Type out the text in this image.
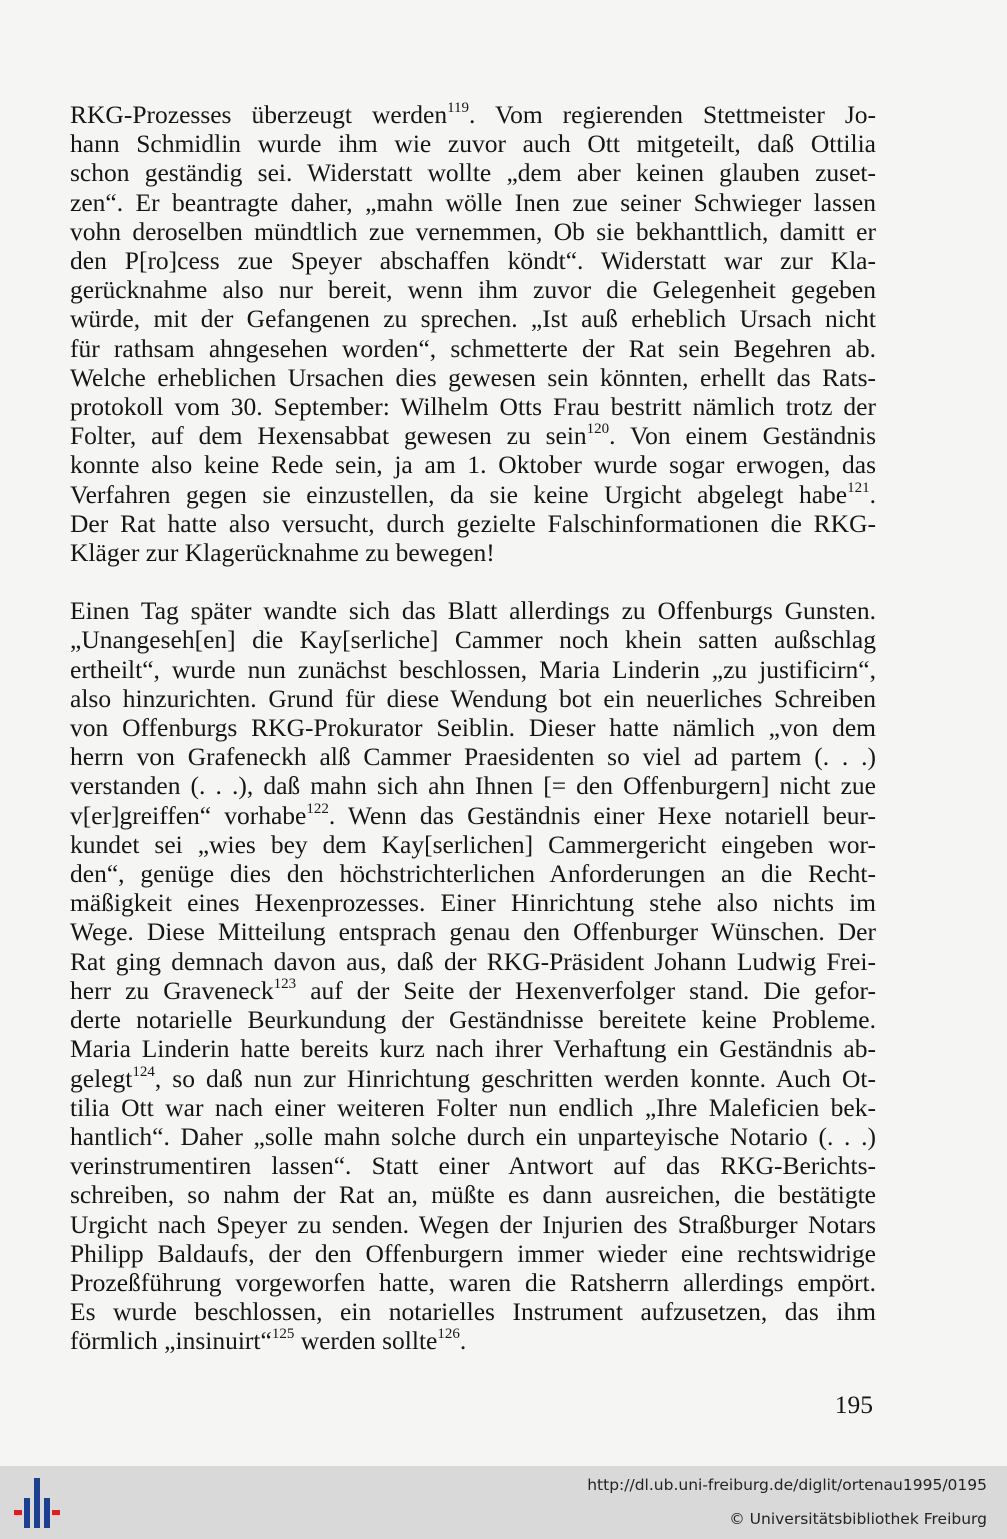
RKG-Prozesses überzeugt werden$^{119}$. Vom regierenden Stettmeister Jo-
hann Schmidlin wurde ihm wie zuvor auch Ott mitgeteilt, daß Ottilia
schon geständig sei. Widerstatt wollte „dem aber keinen glauben zuset-
zen“. Er beantragte daher, „mahn wölle Inen zue seiner Schwieger lassen
vohn deroselben mündtlich zue vernemmen, Ob sie bekhanttlich, damitt er
den P[ro]cess zue Speyer abschaffen köndt“. Widerstatt war zur Kla-
gerücknahme also nur bereit, wenn ihm zuvor die Gelegenheit gegeben
würde, mit der Gefangenen zu sprechen. „Ist auß erheblich Ursach nicht
für rathsam ahngesehen worden“, schmetterte der Rat sein Begehren ab.
Welche erheblichen Ursachen dies gewesen sein könnten, erhellt das Rats-
protokoll vom 30. September: Wilhelm Otts Frau bestritt nämlich trotz der
Folter, auf dem Hexensabbat gewesen zu sein$^{120}$. Von einem Geständnis
konnte also keine Rede sein, ja am 1. Oktober wurde sogar erwogen, das
Verfahren gegen sie einzustellen, da sie keine Urgicht abgelegt habe$^{121}$.
Der Rat hatte also versucht, durch gezielte Falschinformationen die RKG-
Kläger zur Klagerücknahme zu bewegen!
Einen Tag später wandte sich das Blatt allerdings zu Offenburgs Gunsten.
„Unangeseh[en] die Kay[serliche] Cammer noch khein satten außschlag
ertheilt“, wurde nun zunächst beschlossen, Maria Linderin „zu justificirn“,
also hinzurichten. Grund für diese Wendung bot ein neuerliches Schreiben
von Offenburgs RKG-Prokurator Seiblin. Dieser hatte nämlich „von dem
herrn von Grafeneckh alß Cammer Praesidenten so viel ad partem (. . .)
verstanden (. . .), daß mahn sich ahn Ihnen [= den Offenburgern] nicht zue
v[er]greiffen“ vorhabe$^{122}$. Wenn das Geständnis einer Hexe notariell beur-
kundet sei „wies bey dem Kay[serlichen] Cammergericht eingeben wor-
den“, genüge dies den höchstrichterlichen Anforderungen an die Recht-
mäßigkeit eines Hexenprozesses. Einer Hinrichtung stehe also nichts im
Wege. Diese Mitteilung entsprach genau den Offenburger Wünschen. Der
Rat ging demnach davon aus, daß der RKG-Präsident Johann Ludwig Frei-
herr zu Graveneck$^{123}$ auf der Seite der Hexenverfolger stand. Die gefor-
derte notarielle Beurkundung der Geständnisse bereitete keine Probleme.
Maria Linderin hatte bereits kurz nach ihrer Verhaftung ein Geständnis ab-
gelegt$^{124}$, so daß nun zur Hinrichtung geschritten werden konnte. Auch Ot-
tilia Ott war nach einer weiteren Folter nun endlich „Ihre Maleficien bek-
hantlich“. Daher „solle mahn solche durch ein unparteyische Notario (. . .)
verinstrumentiren lassen“. Statt einer Antwort auf das RKG-Berichts-
schreiben, so nahm der Rat an, müßte es dann ausreichen, die bestätigte
Urgicht nach Speyer zu senden. Wegen der Injurien des Straßburger Notars
Philipp Baldaufs, der den Offenburgern immer wieder eine rechtswidrige
Prozeßführung vorgeworfen hatte, waren die Ratsherrn allerdings empört.
Es wurde beschlossen, ein notarielles Instrument aufzusetzen, das ihm
förmlich „insinuirt“$^{125}$ werden sollte$^{126}$.
195
http://dl.ub.uni-freiburg.de/diglit/ortenau1995/0195
© Universitätsbibliothek Freiburg
